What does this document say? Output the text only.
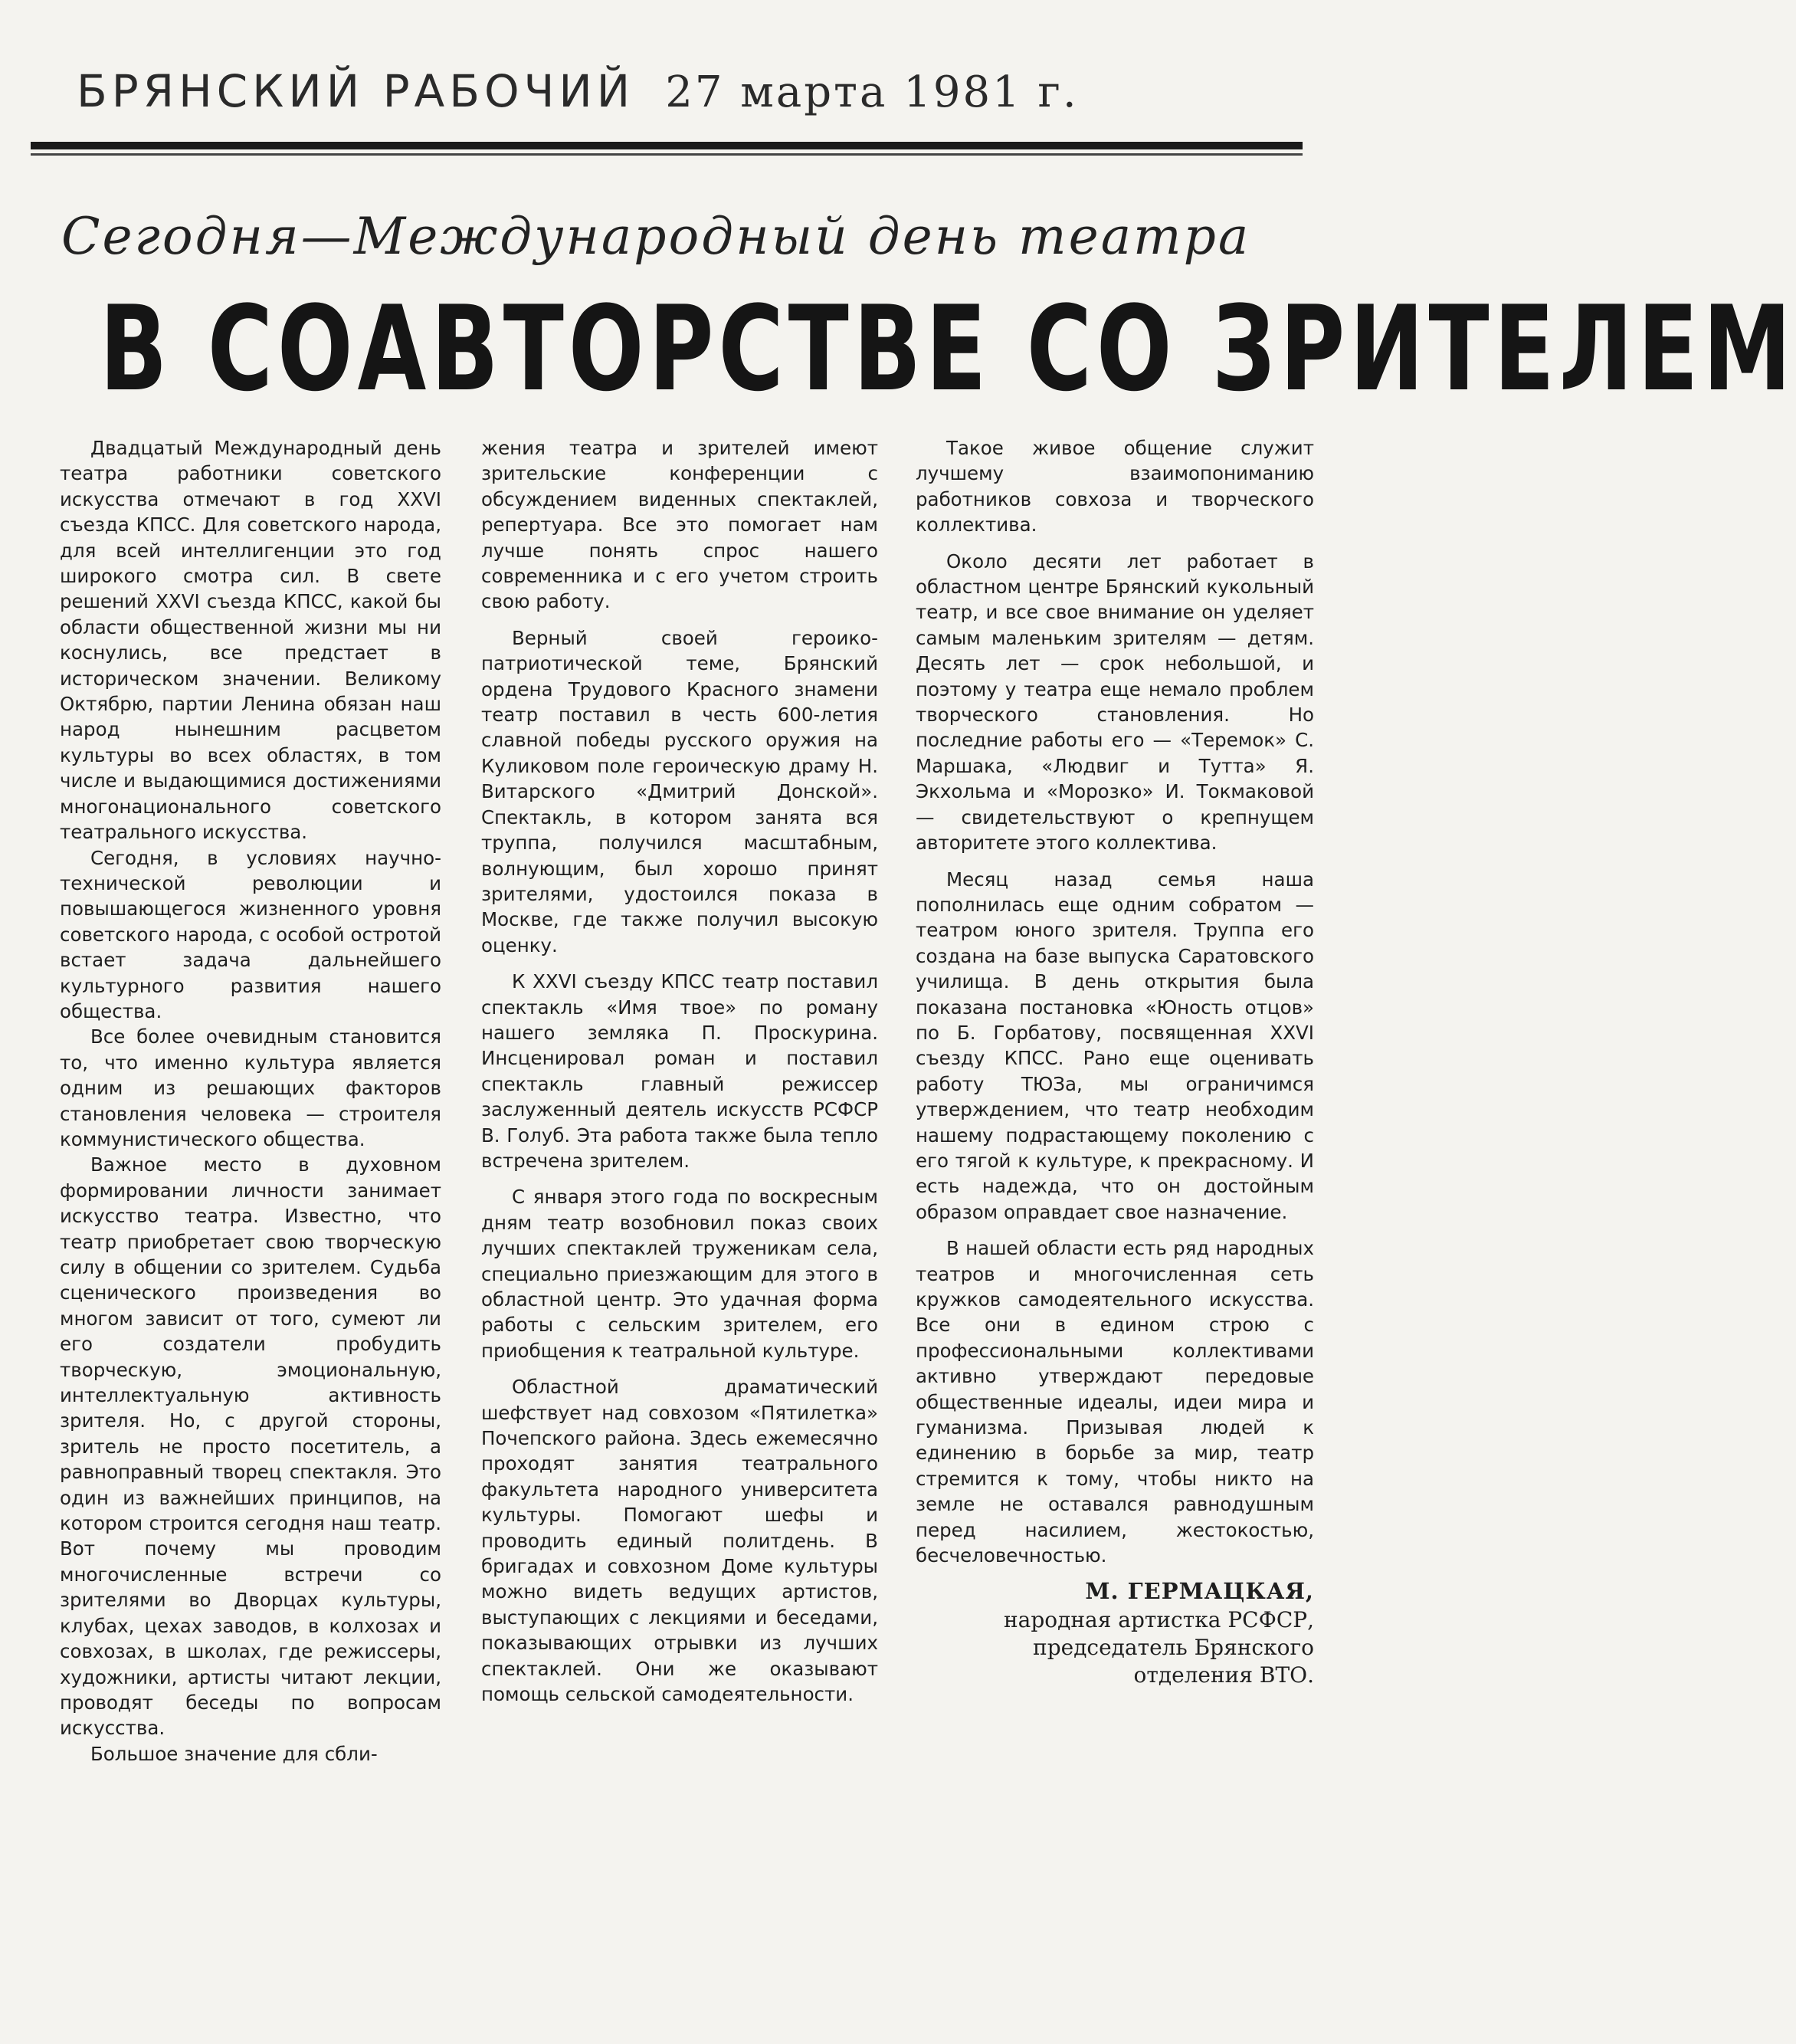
БРЯНСКИЙ РАБОЧИЙ 27 марта 1981 г.
Сегодня—Международный день театра
В СОАВТОРСТВЕ СО ЗРИТЕЛЕМ

Двадцатый Международный день театра работники советского искусства отмечают в год XXVI съезда КПСС. Для советского народа, для всей интеллигенции это год широкого смотра сил. В свете решений XXVI съезда КПСС, какой бы области общественной жизни мы ни коснулись, все предстает в историческом значении. Великому Октябрю, партии Ленина обязан наш народ нынешним расцветом культуры во всех областях, в том числе и выдающимися достижениями многонационального советского театрального искусства.

Сегодня, в условиях научно-технической революции и повышающегося жизненного уровня советского народа, с особой остротой встает задача дальнейшего культурного развития нашего общества.

Все более очевидным становится то, что именно культура является одним из решающих факторов становления человека — строителя коммунистического общества.

Важное место в духовном формировании личности занимает искусство театра. Известно, что театр приобретает свою творческую силу в общении со зрителем. Судьба сценического произведения во многом зависит от того, сумеют ли его создатели пробудить творческую, эмоциональную, интеллектуальную активность зрителя. Но, с другой стороны, зритель не просто посетитель, а равноправный творец спектакля. Это один из важнейших принципов, на котором строится сегодня наш театр. Вот почему мы проводим многочисленные встречи со зрителями во Дворцах культуры, клубах, цехах заводов, в колхозах и совхозах, в школах, где режиссеры, художники, артисты читают лекции, проводят беседы по вопросам искусства.

Большое значение для сбли-

жения театра и зрителей имеют зрительские конференции с обсуждением виденных спектаклей, репертуара. Все это помогает нам лучше понять спрос нашего современника и с его учетом строить свою работу.

Верный своей героико-патриотической теме, Брянский ордена Трудового Красного знамени театр поставил в честь 600-летия славной победы русского оружия на Куликовом поле героическую драму Н. Витарского «Дмитрий Донской». Спектакль, в котором занята вся труппа, получился масштабным, волнующим, был хорошо принят зрителями, удостоился показа в Москве, где также получил высокую оценку.

К XXVI съезду КПСС театр поставил спектакль «Имя твое» по роману нашего земляка П. Проскурина. Инсценировал роман и поставил спектакль главный режиссер заслуженный деятель искусств РСФСР В. Голуб. Эта работа также была тепло встречена зрителем.

С января этого года по воскресным дням театр возобновил показ своих лучших спектаклей труженикам села, специально приезжающим для этого в областной центр. Это удачная форма работы с сельским зрителем, его приобщения к театральной культуре.

Областной драматический шефствует над совхозом «Пятилетка» Почепского района. Здесь ежемесячно проходят занятия театрального факультета народного университета культуры. Помогают шефы и проводить единый политдень. В бригадах и совхозном Доме культуры можно видеть ведущих артистов, выступающих с лекциями и беседами, показывающих отрывки из лучших спектаклей. Они же оказывают помощь сельской самодеятельности.

Такое живое общение служит лучшему взаимопониманию работников совхоза и творческого коллектива.

Около десяти лет работает в областном центре Брянский кукольный театр, и все свое внимание он уделяет самым маленьким зрителям — детям. Десять лет — срок небольшой, и поэтому у театра еще немало проблем творческого становления. Но последние работы его — «Теремок» С. Маршака, «Людвиг и Тутта» Я. Экхольма и «Морозко» И. Токмаковой — свидетельствуют о крепнущем авторитете этого коллектива.

Месяц назад семья наша пополнилась еще одним собратом — театром юного зрителя. Труппа его создана на базе выпуска Саратовского училища. В день открытия была показана постановка «Юность отцов» по Б. Горбатову, посвященная XXVI съезду КПСС. Рано еще оценивать работу ТЮЗа, мы ограничимся утверждением, что театр необходим нашему подрастающему поколению с его тягой к культуре, к прекрасному. И есть надежда, что он достойным образом оправдает свое назначение.

В нашей области есть ряд народных театров и многочисленная сеть кружков самодеятельного искусства. Все они в едином строю с профессиональными коллективами активно утверждают передовые общественные идеалы, идеи мира и гуманизма. Призывая людей к единению в борьбе за мир, театр стремится к тому, чтобы никто на земле не оставался равнодушным перед насилием, жестокостью, бесчеловечностью.

М. ГЕРМАЦКАЯ,
народная артистка РСФСР, председатель Брянского отделения ВТО.
